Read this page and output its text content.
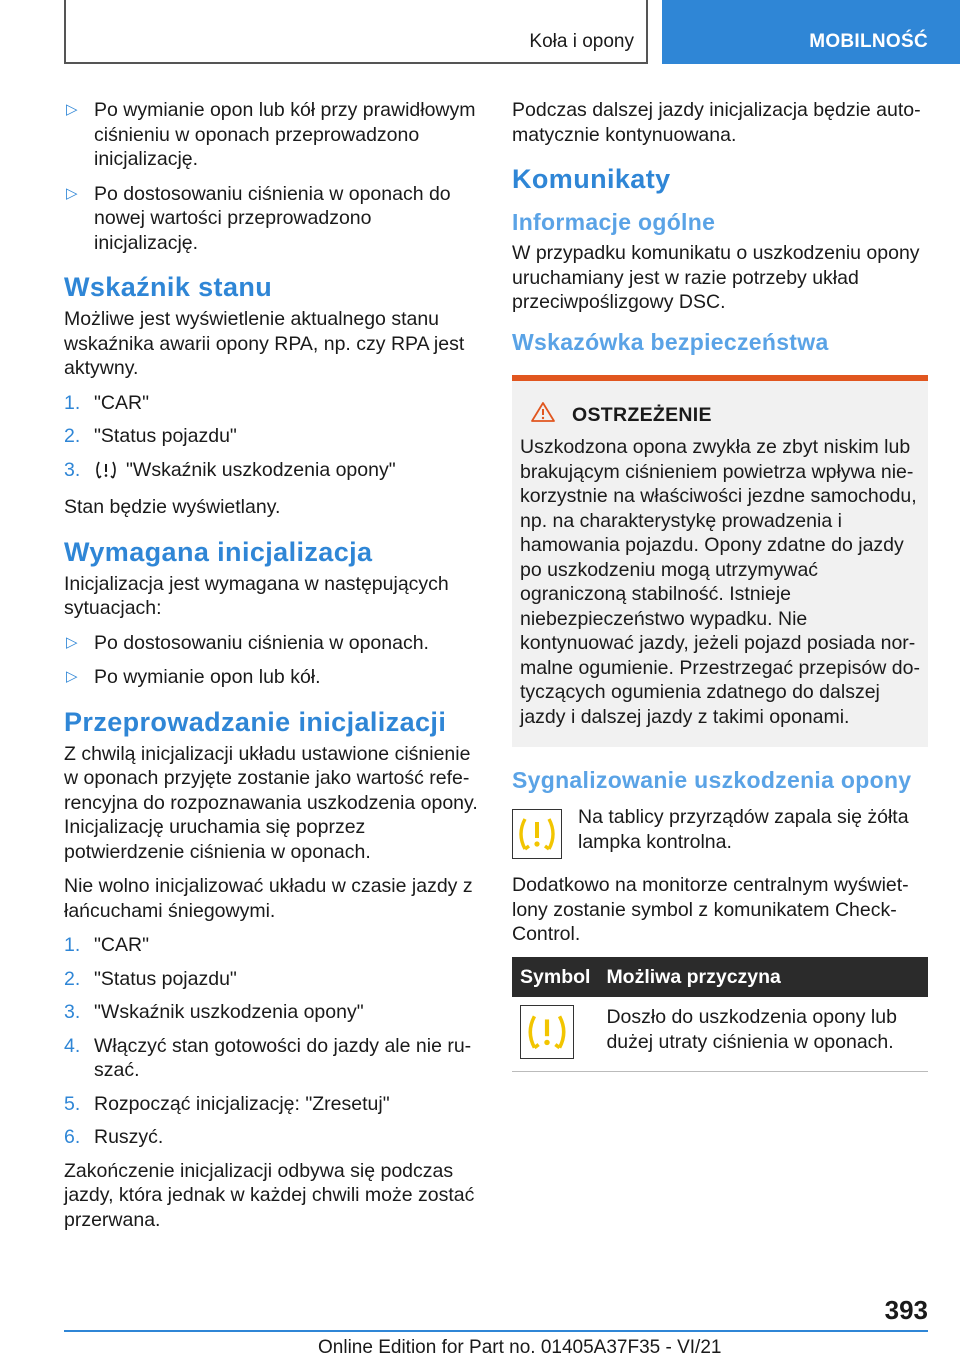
Koła i opony	MOBILNOŚĆ
▷ Po wymianie opon lub kół przy prawidłowym ciśnieniu w oponach przeprowadzono inicjalizację.
▷ Po dostosowaniu ciśnienia w oponach do nowej wartości przeprowadzono inicjalizację.
Wskaźnik stanu

Możliwe jest wyświetlenie aktualnego stanu wskaźnika awarii opony RPA, np. czy RPA jest aktywny.

1. "CAR"
2. "Status pojazdu"
3. "Wskaźnik uszkodzenia opony"

Stan będzie wyświetlany.

Wymagana inicjalizacja

Inicjalizacja jest wymagana w następujących sytuacjach:

▷ Po dostosowaniu ciśnienia w oponach.
▷ Po wymianie opon lub kół.
Przeprowadzanie inicjalizacji

Z chwilą inicjalizacji układu ustawione ciśnienie w oponach przyjęte zostanie jako wartość referencyjna do rozpoznawania uszkodzenia opony. Inicjalizację uruchamia się poprzez potwierdzenie ciśnienia w oponach.

Nie wolno inicjalizować układu w czasie jazdy z łańcuchami śniegowymi.

1. "CAR"
2. "Status pojazdu"
3. "Wskaźnik uszkodzenia opony"
4. Włączyć stan gotowości do jazdy ale nie ruszać.
5. Rozpocząć inicjalizację: "Zresetuj"
6. Ruszyć.

Zakończenie inicjalizacji odbywa się podczas jazdy, która jednak w każdej chwili może zostać przerwana.

Podczas dalszej jazdy inicjalizacja będzie automatycznie kontynuowana.

Komunikaty
Informacje ogólne

W przypadku komunikatu o uszkodzeniu opony uruchamiany jest w razie potrzeby układ przeciwpoślizgowy DSC.

Wskazówka bezpieczeństwa
OSTRZEŻENIE

Uszkodzona opona zwykła ze zbyt niskim lub brakującym ciśnieniem powietrza wpływa niekorzystnie na właściwości jezdne samochodu, np. na charakterystykę prowadzenia i hamowania pojazdu. Opony zdatne do jazdy po uszkodzeniu mogą utrzymywać ograniczoną stabilność. Istnieje niebezpieczeństwo wypadku. Nie kontynuować jazdy, jeżeli pojazd posiada normalne ogumienie. Przestrzegać przepisów dotyczących ogumienia zdatnego do dalszej jazdy i dalszej jazdy z takimi oponami.

Sygnalizowanie uszkodzenia opony
Na tablicy przyrządów zapala się żółta lampka kontrolna.

Dodatkowo na monitorze centralnym wyświetlony zostanie symbol z komunikatem Check-Control.

Symbol	Możliwa przyczyna

	Doszło do uszkodzenia opony lub dużej utraty ciśnienia w oponach.
393
Online Edition for Part no. 01405A37F35 - VI/21
